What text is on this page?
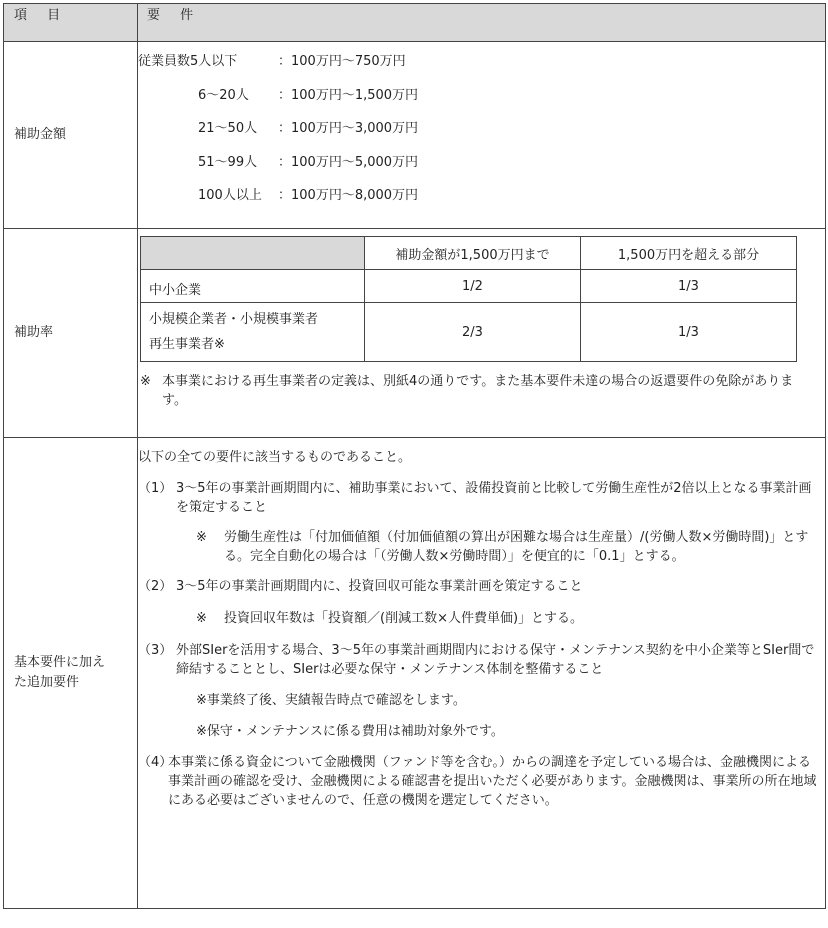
項 目	要 件
補助金額	
従業員数5人以下	：100万円〜750万円
6〜20人 ：100万円〜1,500万円
21〜50人 ：100万円〜3,000万円
51〜99人 ：100万円〜5,000万円
100人以上 ：100万円〜8,000万円

補助率	
	補助金額が1,500万円まで	1,500万円を超える部分
中小企業	1/2	1/3

小規模企業者・小規模事業者
再生事業者※
	2/3	1/3
※ 本事業における再生事業者の定義は、別紙4の通りです。また基本要件未達の場合の返還要件の免除があります。

基本要件に加え
た追加要件

以下の全ての要件に該当するものであること。
（1） 3〜5年の事業計画期間内に、補助事業において、設備投資前と比較して労働生産性が2倍以上となる事業計画を策定すること
※	労働生産性は「付加価値額（付加価値額の算出が困難な場合は生産量）/(労働人数×労働時間)」とする。完全自動化の場合は「（労働人数×労働時間）」を便宜的に「0.1」とする。
（2） 3〜5年の事業計画期間内に、投資回収可能な事業計画を策定すること
※	投資回収年数は「投資額／(削減工数×人件費単価)」とする。
（3） 外部SIerを活用する場合、3〜5年の事業計画期間内における保守・メンテナンス契約を中小企業等とSIer間で締結することとし、SIerは必要な保守・メンテナンス体制を整備すること
※事業終了後、実績報告時点で確認をします。
※保守・メンテナンスに係る費用は補助対象外です。
（4）
本事業に係る資金について金融機関（ファンド等を含む。）からの調達を予定している場合は、金融機関による事業計画の確認を受け、金融機関による確認書を提出いただく必要があります。金融機関は、事業所の所在地域にある必要はございませんので、任意の機関を選定してください。
